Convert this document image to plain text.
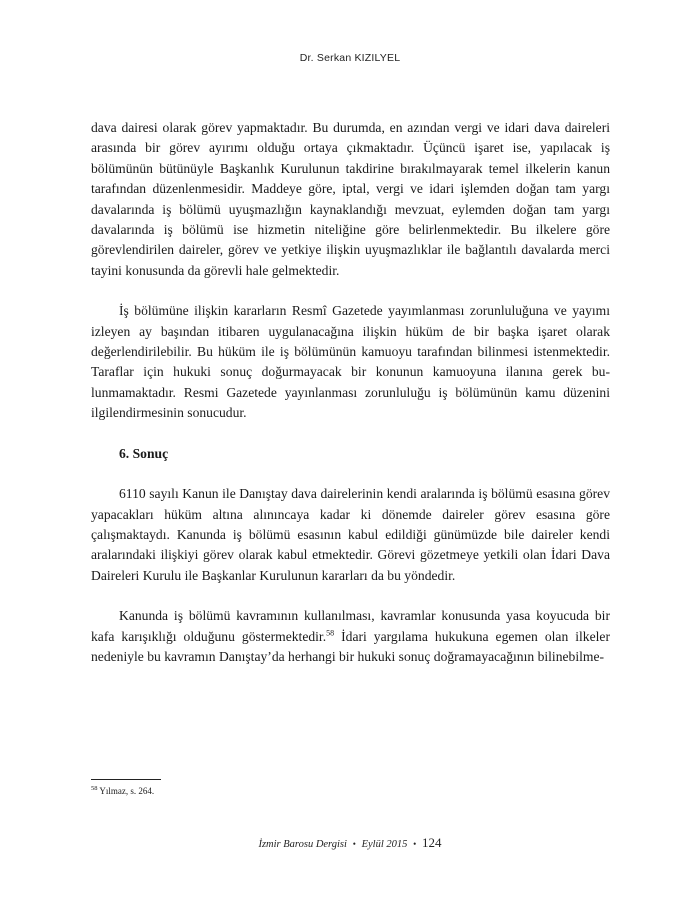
Dr. Serkan KIZILYEL

dava dairesi olarak görev yapmaktadır. Bu durumda, en azından vergi ve idari dava daireleri arasında bir görev ayırımı olduğu ortaya çıkmaktadır. Üçüncü işaret ise, yapılacak iş bölümünün bütünüyle Başkanlık Kurulunun takdirine bırakılmayarak temel ilkelerin kanun tarafından düzenlenmesidir. Maddeye göre, iptal, vergi ve idari işlemden doğan tam yargı davalarında iş bölümü uyuşmazlığın kaynaklandığı mevzuat, eylemden doğan tam yargı davalarında iş bölümü ise hizmetin niteliğine göre belirlenmektedir. Bu ilkelere göre görevlendirilen daireler, görev ve yetkiye ilişkin uyuşmazlıklar ile bağlantılı davalarda merci tayini konusunda da görevli hale gelmektedir.

İş bölümüne ilişkin kararların Resmî Gazetede yayımlanması zorunluluğuna ve yayımı izleyen ay başından itibaren uygulanacağına ilişkin hüküm de bir başka işaret olarak değerlendirilebilir. Bu hüküm ile iş bölümünün kamuoyu tarafından bilinmesi istenmektedir. Taraflar için hukuki sonuç doğurmayacak bir konunun kamuoyuna ilanına gerek bulunmamaktadır. Resmi Gazetede yayınlanması zorunluluğu iş bölümünün kamu düzenini ilgilendirmesinin sonucudur.

6. Sonuç

6110 sayılı Kanun ile Danıştay dava dairelerinin kendi aralarında iş bölümü esasına görev yapacakları hüküm altına alınıncaya kadar ki dönemde daireler görev esasına göre çalışmaktaydı. Kanunda iş bölümü esasının kabul edildiği günümüzde bile daireler kendi aralarındaki ilişkiyi görev olarak kabul etmektedir. Görevi gözetmeye yetkili olan İdari Dava Daireleri Kurulu ile Başkanlar Kurulunun kararları da bu yöndedir.

Kanunda iş bölümü kavramının kullanılması, kavramlar konusunda yasa koyucuda bir kafa karışıklığı olduğunu göstermektedir.$^{58}$ İdari yargılama hukukuna egemen olan ilkeler nedeniyle bu kavramın Danıştay’da herhangi bir hukuki sonuç doğramayacağının bilinebilme-

$^{58}$ Yılmaz, s. 264.
İzmir Barosu Dergisi • Eylül 2015 • 124
